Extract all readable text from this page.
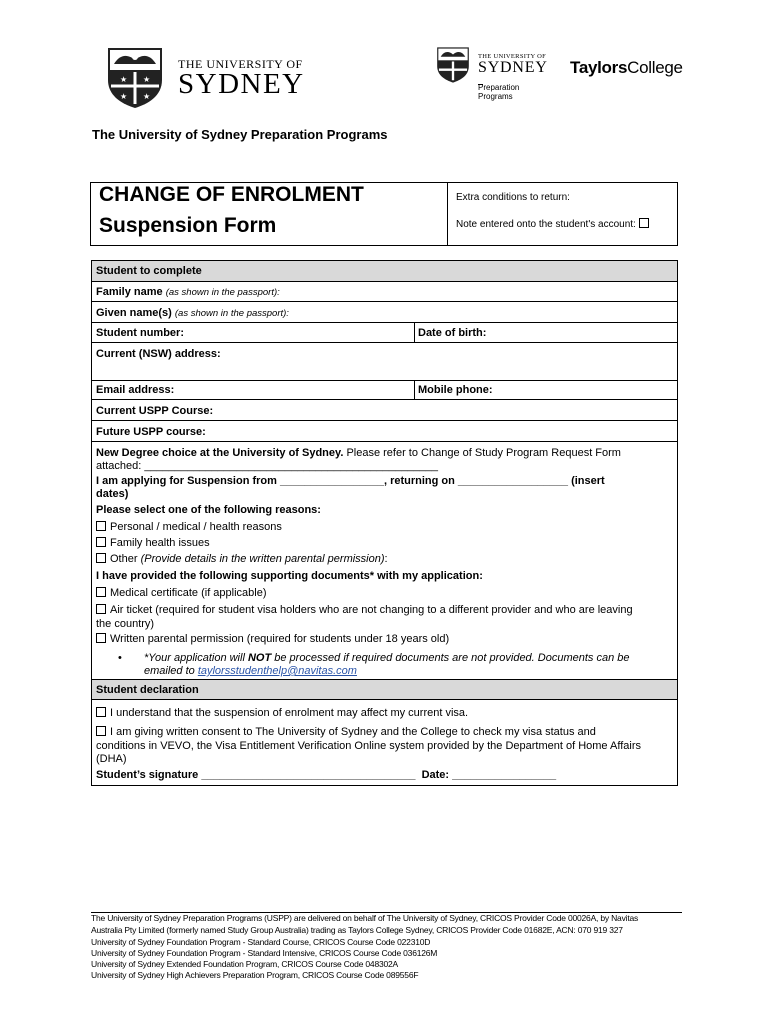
★ ★
★ ★
THE UNIVERSITY OF
SYDNEY
THE UNIVERSITY OF
SYDNEY
Preparation
Programs
TaylorsCollege
The University of Sydney Preparation Programs
CHANGE OF ENROLMENT
Suspension Form
Extra conditions to return:
Note entered onto the student's account:
Student to complete
Family name (as shown in the passport):
Given name(s) (as shown in the passport):
Student number:	Date of birth:
Current (NSW) address:
Email address:	Mobile phone:
Current USPP Course:
Future USPP course:
New Degree choice at the University of Sydney. Please refer to Change of Study Program Request Form
attached: ________________________________________________
I am applying for Suspension from _________________, returning on __________________ (insert
dates)
Please select one of the following reasons:
Personal / medical / health reasons
Family health issues
Other (Provide details in the written parental permission):
I have provided the following supporting documents* with my application:
Medical certificate (if applicable)
Air ticket (required for student visa holders who are not changing to a different provider and who are leaving
the country)
Written parental permission (required for students under 18 years old)
• *Your application will NOT be processed if required documents are not provided. Documents can be
emailed to taylorsstudenthelp@navitas.com
Student declaration
I understand that the suspension of enrolment may affect my current visa.
I am giving written consent to The University of Sydney and the College to check my visa status and
conditions in VEVO, the Visa Entitlement Verification Online system provided by the Department of Home Affairs
(DHA)
Student’s signature ___________________________________ Date: _________________
The University of Sydney Preparation Programs (USPP) are delivered on behalf of The University of Sydney, CRICOS Provider Code 00026A, by Navitas
Australia Pty Limited (formerly named Study Group Australia) trading as Taylors College Sydney, CRICOS Provider Code 01682E, ACN: 070 919 327
University of Sydney Foundation Program - Standard Course, CRICOS Course Code 022310D
University of Sydney Foundation Program - Standard Intensive, CRICOS Course Code 036126M
University of Sydney Extended Foundation Program, CRICOS Course Code 048302A
University of Sydney High Achievers Preparation Program, CRICOS Course Code 089556F
